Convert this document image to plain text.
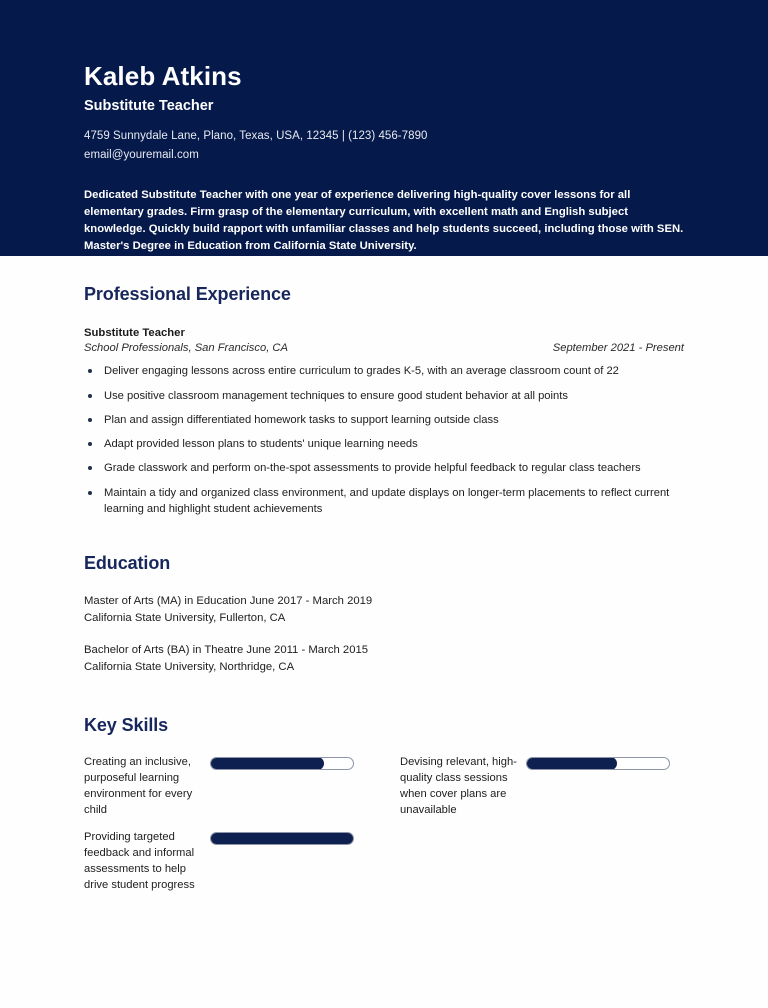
Kaleb Atkins
Substitute Teacher
4759 Sunnydale Lane, Plano, Texas, USA, 12345 | (123) 456-7890
email@youremail.com
Dedicated Substitute Teacher with one year of experience delivering high-quality cover lessons for all elementary grades. Firm grasp of the elementary curriculum, with excellent math and English subject knowledge. Quickly build rapport with unfamiliar classes and help students succeed, including those with SEN. Master's Degree in Education from California State University.
Professional Experience
Substitute Teacher
School Professionals, San Francisco, CA	September 2021 - Present
Deliver engaging lessons across entire curriculum to grades K-5, with an average classroom count of 22
Use positive classroom management techniques to ensure good student behavior at all points
Plan and assign differentiated homework tasks to support learning outside class
Adapt provided lesson plans to students' unique learning needs
Grade classwork and perform on-the-spot assessments to provide helpful feedback to regular class teachers
Maintain a tidy and organized class environment, and update displays on longer-term placements to reflect current learning and highlight student achievements
Education
Master of Arts (MA) in Education June 2017 - March 2019
California State University, Fullerton, CA
Bachelor of Arts (BA) in Theatre June 2011 - March 2015
California State University, Northridge, CA
Key Skills
Creating an inclusive, purposeful learning environment for every child
Devising relevant, high-quality class sessions when cover plans are unavailable
Providing targeted feedback and informal assessments to help drive student progress
